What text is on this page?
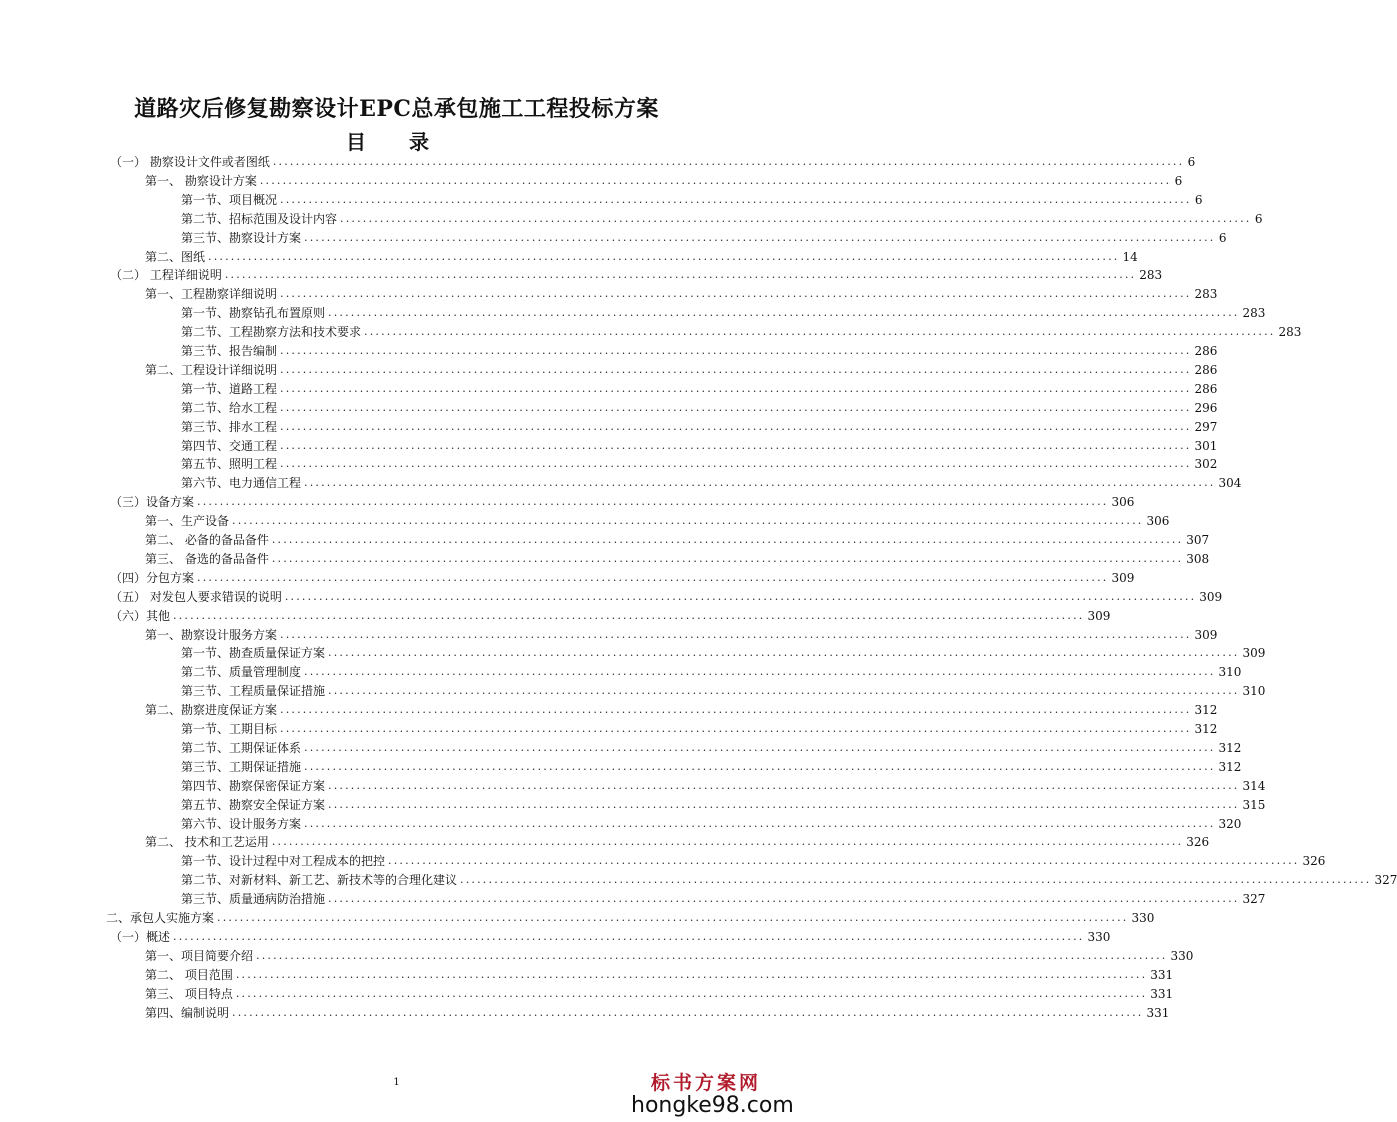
道路灾后修复勘察设计EPC总承包施工工程投标方案
目 录
（一） 勘察设计文件或者图纸 ................................................................................................................................................................ 6
第一、 勘察设计方案 ................................................................................................................................................................ 6
第一节、项目概况 ................................................................................................................................................................ 6
第二节、招标范围及设计内容 ................................................................................................................................................................ 6
第三节、勘察设计方案 ................................................................................................................................................................ 6
第二、图纸 ................................................................................................................................................................ 14
（二） 工程详细说明 ................................................................................................................................................................ 283
第一、工程勘察详细说明 ................................................................................................................................................................ 283
第一节、勘察钻孔布置原则 ................................................................................................................................................................ 283
第二节、工程勘察方法和技术要求 ................................................................................................................................................................ 283
第三节、报告编制 ................................................................................................................................................................ 286
第二、工程设计详细说明 ................................................................................................................................................................ 286
第一节、道路工程 ................................................................................................................................................................ 286
第二节、给水工程 ................................................................................................................................................................ 296
第三节、排水工程 ................................................................................................................................................................ 297
第四节、交通工程 ................................................................................................................................................................ 301
第五节、照明工程 ................................................................................................................................................................ 302
第六节、电力通信工程 ................................................................................................................................................................ 304
（三）设备方案 ................................................................................................................................................................ 306
第一、生产设备 ................................................................................................................................................................ 306
第二、 必备的备品备件 ................................................................................................................................................................ 307
第三、 备选的备品备件 ................................................................................................................................................................ 308
（四）分包方案 ................................................................................................................................................................ 309
（五） 对发包人要求错误的说明 ................................................................................................................................................................ 309
（六）其他 ................................................................................................................................................................ 309
第一、勘察设计服务方案 ................................................................................................................................................................ 309
第一节、勘查质量保证方案 ................................................................................................................................................................ 309
第二节、质量管理制度 ................................................................................................................................................................ 310
第三节、工程质量保证措施 ................................................................................................................................................................ 310
第二、勘察进度保证方案 ................................................................................................................................................................ 312
第一节、工期目标 ................................................................................................................................................................ 312
第二节、工期保证体系 ................................................................................................................................................................ 312
第三节、工期保证措施 ................................................................................................................................................................ 312
第四节、勘察保密保证方案 ................................................................................................................................................................ 314
第五节、勘察安全保证方案 ................................................................................................................................................................ 315
第六节、设计服务方案 ................................................................................................................................................................ 320
第二、 技术和工艺运用 ................................................................................................................................................................ 326
第一节、设计过程中对工程成本的把控 ................................................................................................................................................................ 326
第二节、对新材料、新工艺、新技术等的合理化建议 ................................................................................................................................................................ 327
第三节、质量通病防治措施 ................................................................................................................................................................ 327
二、承包人实施方案 ................................................................................................................................................................ 330
（一）概述 ................................................................................................................................................................ 330
第一、项目简要介绍 ................................................................................................................................................................ 330
第二、 项目范围 ................................................................................................................................................................ 331
第三、 项目特点 ................................................................................................................................................................ 331
第四、编制说明 ................................................................................................................................................................ 331
1	标书方案网
hongke98.com
